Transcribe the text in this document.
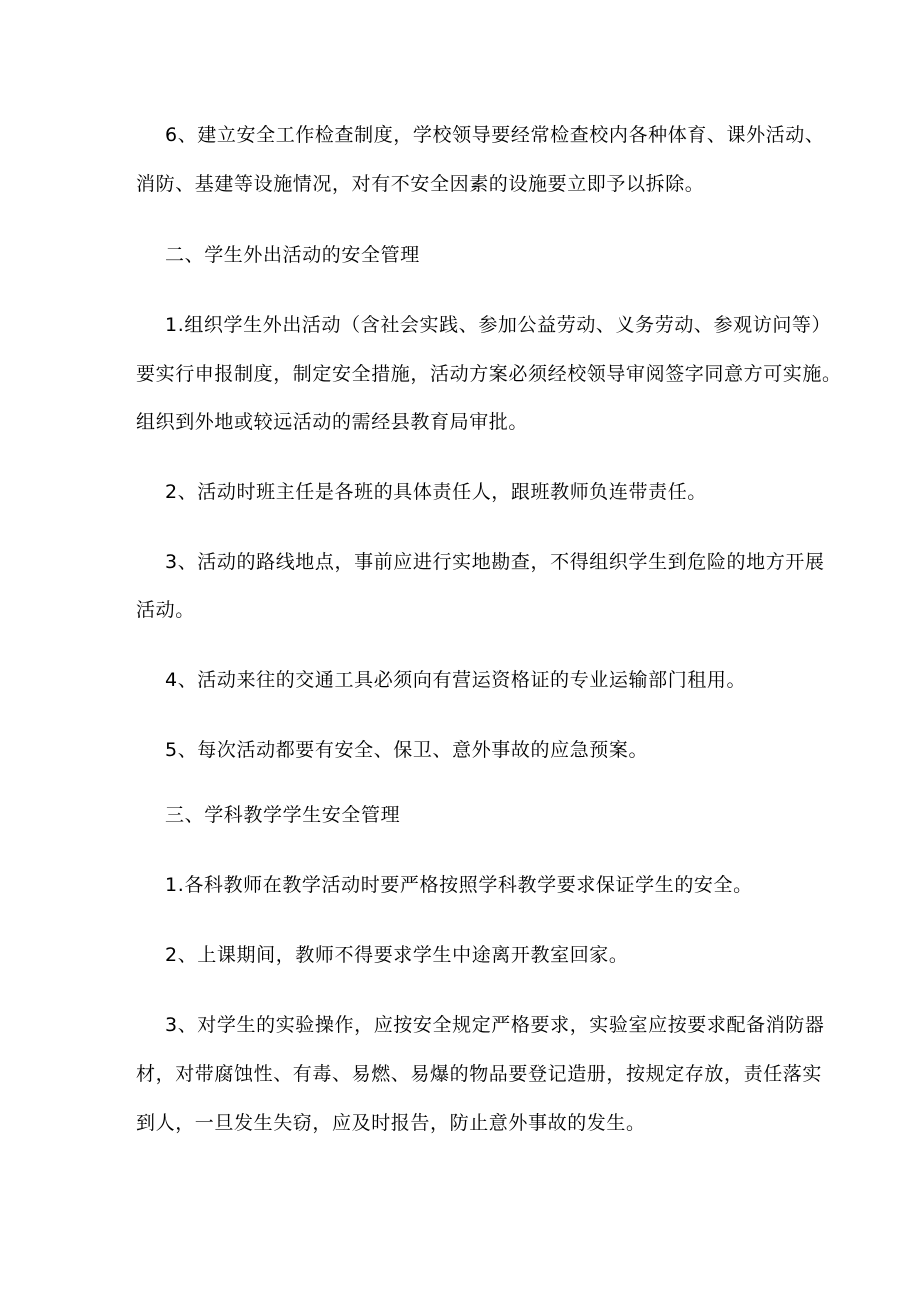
6、建立安全工作检查制度，学校领导要经常检查校内各种体育、课外活动、
消防、基建等设施情况，对有不安全因素的设施要立即予以拆除。
二、学生外出活动的安全管理
1.组织学生外出活动（含社会实践、参加公益劳动、义务劳动、参观访问等）
要实行申报制度，制定安全措施，活动方案必须经校领导审阅签字同意方可实施。
组织到外地或较远活动的需经县教育局审批。
2、活动时班主任是各班的具体责任人，跟班教师负连带责任。
3、活动的路线地点，事前应进行实地勘查，不得组织学生到危险的地方开展
活动。
4、活动来往的交通工具必须向有营运资格证的专业运输部门租用。
5、每次活动都要有安全、保卫、意外事故的应急预案。
三、学科教学学生安全管理
1.各科教师在教学活动时要严格按照学科教学要求保证学生的安全。
2、上课期间，教师不得要求学生中途离开教室回家。
3、对学生的实验操作，应按安全规定严格要求，实验室应按要求配备消防器
材，对带腐蚀性、有毒、易燃、易爆的物品要登记造册，按规定存放，责任落实
到人，一旦发生失窃，应及时报告，防止意外事故的发生。
